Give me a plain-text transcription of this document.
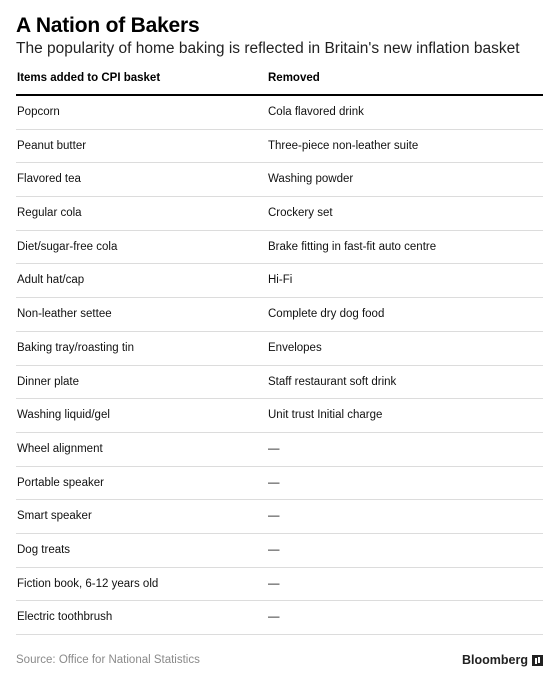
A Nation of Bakers
The popularity of home baking is reflected in Britain's new inflation basket
Items added to CPI basket	Removed
Popcorn	Cola flavored drink
Peanut butter	Three-piece non-leather suite
Flavored tea	Washing powder
Regular cola	Crockery set
Diet/sugar-free cola	Brake fitting in fast-fit auto centre
Adult hat/cap	Hi-Fi
Non-leather settee	Complete dry dog food
Baking tray/roasting tin	Envelopes
Dinner plate	Staff restaurant soft drink
Washing liquid/gel	Unit trust Initial charge
Wheel alignment	—
Portable speaker	—
Smart speaker	—
Dog treats	—
Fiction book, 6-12 years old	—
Electric toothbrush	—
Source: Office for National Statistics	Bloomberg
